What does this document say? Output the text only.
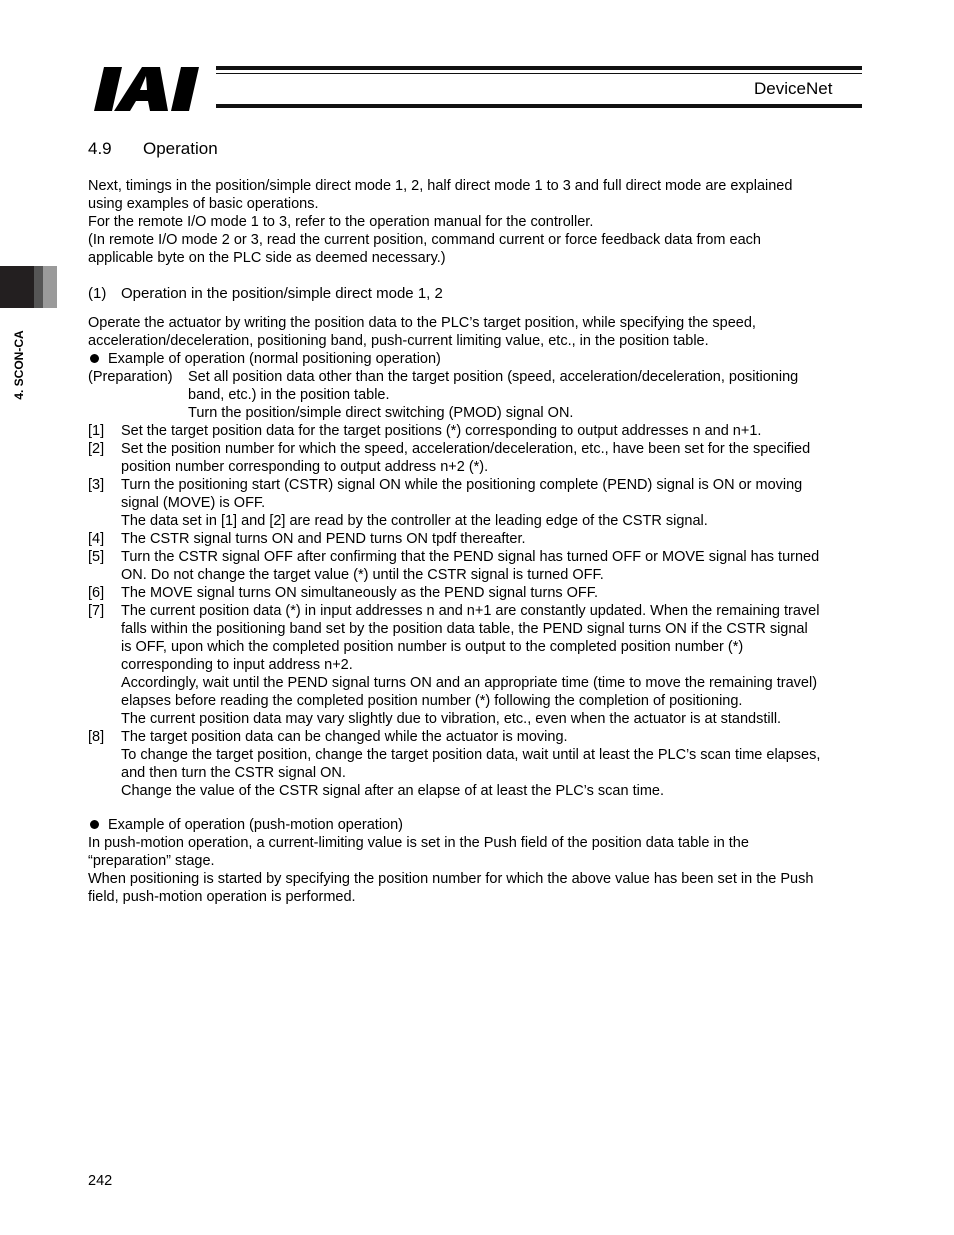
DeviceNet
4. SCON-CA
4.9 Operation

Next, timings in the position/simple direct mode 1, 2, half direct mode 1 to 3 and full direct mode are explained

using examples of basic operations.

For the remote I/O mode 1 to 3, refer to the operation manual for the controller.

(In remote I/O mode 2 or 3, read the current position, command current or force feedback data from each

applicable byte on the PLC side as deemed necessary.)

(1) Operation in the position/simple direct mode 1, 2

Operate the actuator by writing the position data to the PLC’s target position, while specifying the speed,

acceleration/deceleration, positioning band, push-current limiting value, etc., in the position table.

Example of operation (normal positioning operation)

(Preparation) Set all position data other than the target position (speed, acceleration/deceleration, positioning

band, etc.) in the position table.

Turn the position/simple direct switching (PMOD) signal ON.

[1] Set the target position data for the target positions (*) corresponding to output addresses n and n+1.

[2] Set the position number for which the speed, acceleration/deceleration, etc., have been set for the specified

position number corresponding to output address n+2 (*).

[3] Turn the positioning start (CSTR) signal ON while the positioning complete (PEND) signal is ON or moving

signal (MOVE) is OFF.

The data set in [1] and [2] are read by the controller at the leading edge of the CSTR signal.

[4] The CSTR signal turns ON and PEND turns ON tpdf thereafter.

[5] Turn the CSTR signal OFF after confirming that the PEND signal has turned OFF or MOVE signal has turned

ON. Do not change the target value (*) until the CSTR signal is turned OFF.

[6] The MOVE signal turns ON simultaneously as the PEND signal turns OFF.

[7] The current position data (*) in input addresses n and n+1 are constantly updated. When the remaining travel

falls within the positioning band set by the position data table, the PEND signal turns ON if the CSTR signal

is OFF, upon which the completed position number is output to the completed position number (*)

corresponding to input address n+2.

Accordingly, wait until the PEND signal turns ON and an appropriate time (time to move the remaining travel)

elapses before reading the completed position number (*) following the completion of positioning.

The current position data may vary slightly due to vibration, etc., even when the actuator is at standstill.

[8] The target position data can be changed while the actuator is moving.

To change the target position, change the target position data, wait until at least the PLC’s scan time elapses,

and then turn the CSTR signal ON.

Change the value of the CSTR signal after an elapse of at least the PLC’s scan time.

Example of operation (push-motion operation)

In push-motion operation, a current-limiting value is set in the Push field of the position data table in the

“preparation” stage.

When positioning is started by specifying the position number for which the above value has been set in the Push

field, push-motion operation is performed.

242
